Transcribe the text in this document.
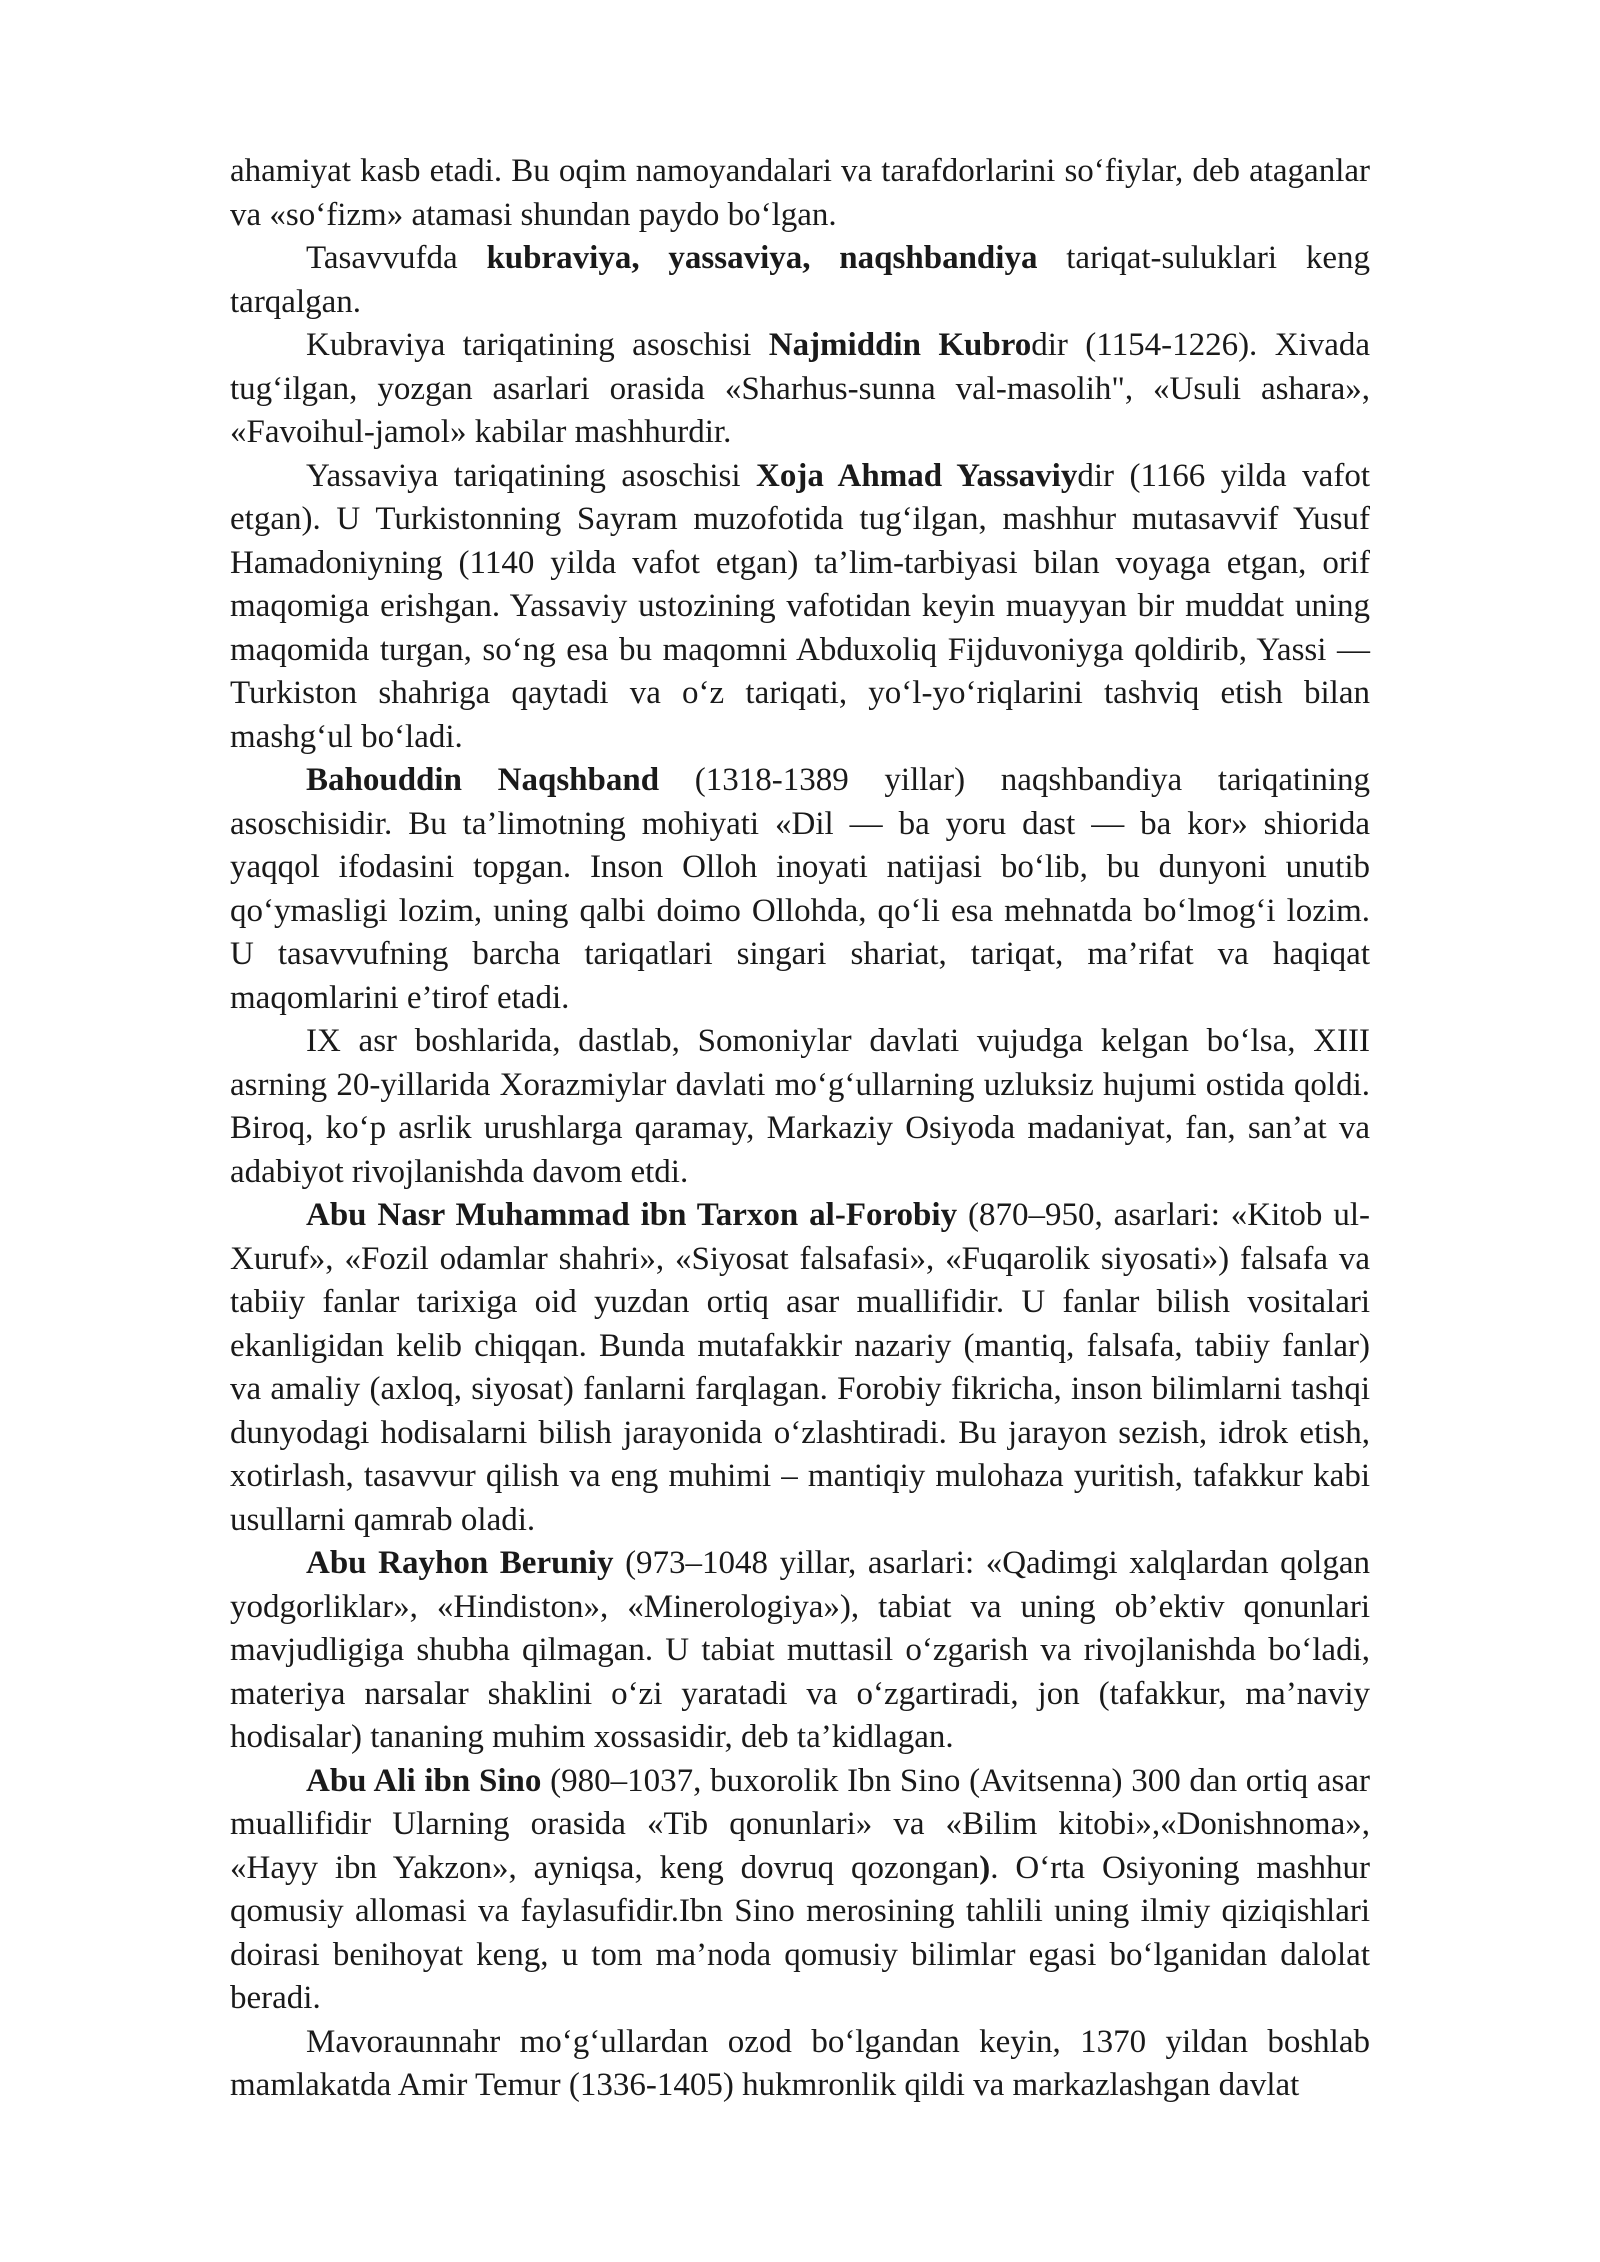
ahamiyat kasb etadi. Bu oqim namoyandalari va tarafdorlarini so‘fiylar, deb ataganlar va «so‘fizm» atamasi shundan paydo bo‘lgan.

Tasavvufda kubraviya, yassaviya, naqshbandiya tariqat-suluklari keng tarqalgan.

Kubraviya tariqatining asoschisi Najmiddin Kubrodir (1154-1226). Xivada tug‘ilgan, yozgan asarlari orasida «Sharhus-sunna val-masolih", «Usuli ashara», «Favoihul-jamol» kabilar mashhurdir.

Yassaviya tariqatining asoschisi Xoja Ahmad Yassaviydir (1166 yilda vafot etgan). U Turkistonning Sayram muzofotida tug‘ilgan, mashhur mutasavvif Yusuf Hamadoniyning (1140 yilda vafot etgan) ta’lim-tarbiyasi bilan voyaga etgan, orif maqomiga erishgan. Yassaviy ustozining vafotidan keyin muayyan bir muddat uning maqomida turgan, so‘ng esa bu maqomni Abduxoliq Fijduvoniyga qoldirib, Yassi — Turkiston shahriga qaytadi va o‘z tariqati, yo‘l-yo‘riqlarini tashviq etish bilan mashg‘ul bo‘ladi.

Bahouddin Naqshband (1318-1389 yillar) naqshbandiya tariqatining asoschisidir. Bu ta’limotning mohiyati «Dil — ba yoru dast — ba kor» shiorida yaqqol ifodasini topgan. Inson Olloh inoyati natijasi bo‘lib, bu dunyoni unutib qo‘ymasligi lozim, uning qalbi doimo Ollohda, qo‘li esa mehnatda bo‘lmog‘i lozim. U tasavvufning barcha tariqatlari singari shariat, tariqat, ma’rifat va haqiqat maqomlarini e’tirof etadi.

IX asr boshlarida, dastlab, Somoniylar davlati vujudga kelgan bo‘lsa, XIII asrning 20-yillarida Xorazmiylar davlati mo‘g‘ullarning uzluksiz hujumi ostida qoldi. Biroq, ko‘p asrlik urushlarga qaramay, Markaziy Osiyoda madaniyat, fan, san’at va adabiyot rivojlanishda davom etdi.

Abu Nasr Muhammad ibn Tarxon al-Forobiy (870–950, asarlari: «Kitob ul-Xuruf», «Fozil odamlar shahri», «Siyosat falsafasi», «Fuqarolik siyosati») falsafa va tabiiy fanlar tarixiga oid yuzdan ortiq asar muallifidir. U fanlar bilish vositalari ekanligidan kelib chiqqan. Bunda mutafakkir nazariy (mantiq, falsafa, tabiiy fanlar) va amaliy (axloq, siyosat) fanlarni farqlagan. Forobiy fikricha, inson bilimlarni tashqi dunyodagi hodisalarni bilish jarayonida o‘zlashtiradi. Bu jarayon sezish, idrok etish, xotirlash, tasavvur qilish va eng muhimi – mantiqiy mulohaza yuritish, tafakkur kabi usullarni qamrab oladi.

Abu Rayhon Beruniy (973–1048 yillar, asarlari: «Qadimgi xalqlardan qolgan yodgorliklar», «Hindiston», «Minerologiya»), tabiat va uning ob’ektiv qonunlari mavjudligiga shubha qilmagan. U tabiat muttasil o‘zgarish va rivojlanishda bo‘ladi, materiya narsalar shaklini o‘zi yaratadi va o‘zgartiradi, jon (tafakkur, ma’naviy hodisalar) tananing muhim xossasidir, deb ta’kidlagan.

Abu Ali ibn Sino (980–1037, buxorolik Ibn Sino (Avitsenna) 300 dan ortiq asar muallifidir Ularning orasida «Tib qonunlari» va «Bilim kitobi»,«Donishnoma», «Hayy ibn Yakzon», ayniqsa, keng dovruq qozongan). O‘rta Osiyoning mashhur qomusiy allomasi va faylasufidir.Ibn Sino merosining tahlili uning ilmiy qiziqishlari doirasi benihoyat keng, u tom ma’noda qomusiy bilimlar egasi bo‘lganidan dalolat beradi.

Mavoraunnahr mo‘g‘ullardan ozod bo‘lgandan keyin, 1370 yildan boshlab mamlakatda Amir Temur (1336-1405) hukmronlik qildi va markazlashgan davlat
